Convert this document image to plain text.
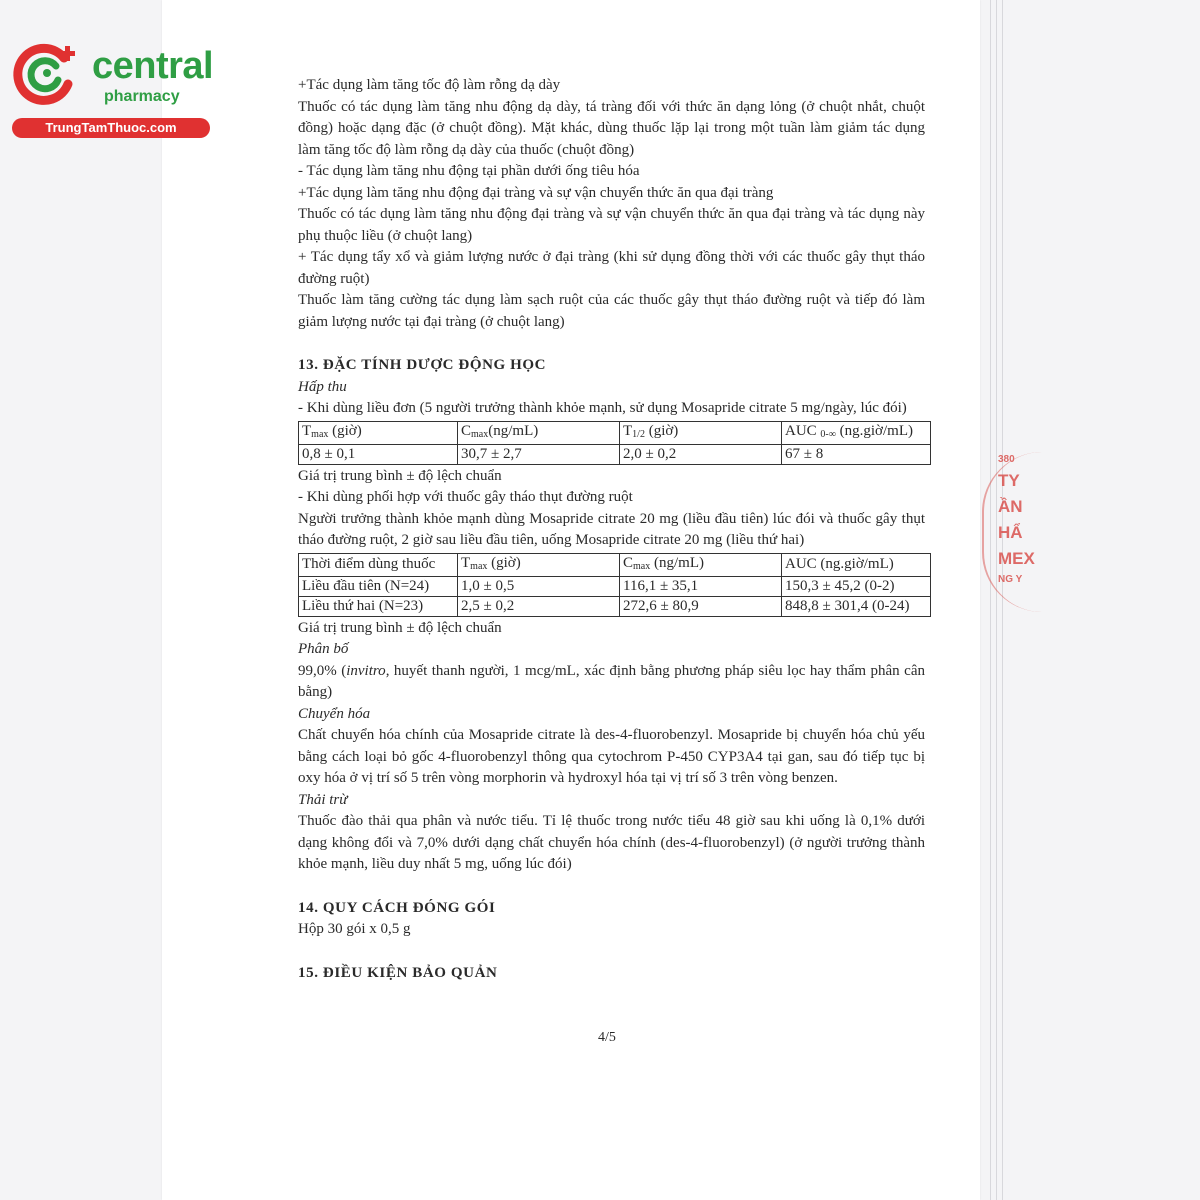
380
TY
ẦN
HẨ
MEX
NG Y
central
pharmacy
TrungTamThuoc.com

+Tác dụng làm tăng tốc độ làm rỗng dạ dày

Thuốc có tác dụng làm tăng nhu động dạ dày, tá tràng đối với thức ăn dạng lỏng (ở chuột nhắt, chuột đồng) hoặc dạng đặc (ở chuột đồng). Mặt khác, dùng thuốc lặp lại trong một tuần làm giảm tác dụng làm tăng tốc độ làm rỗng dạ dày của thuốc (chuột đồng)

- Tác dụng làm tăng nhu động tại phần dưới ống tiêu hóa

+Tác dụng làm tăng nhu động đại tràng và sự vận chuyển thức ăn qua đại tràng

Thuốc có tác dụng làm tăng nhu động đại tràng và sự vận chuyển thức ăn qua đại tràng và tác dụng này phụ thuộc liều (ở chuột lang)

+ Tác dụng tẩy xổ và giảm lượng nước ở đại tràng (khi sử dụng đồng thời với các thuốc gây thụt tháo đường ruột)

Thuốc làm tăng cường tác dụng làm sạch ruột của các thuốc gây thụt tháo đường ruột và tiếp đó làm giảm lượng nước tại đại tràng (ở chuột lang)

13. ĐẶC TÍNH DƯỢC ĐỘNG HỌC

Hấp thu

- Khi dùng liều đơn (5 người trưởng thành khỏe mạnh, sử dụng Mosapride citrate 5 mg/ngày, lúc đói)

$T_{max}$ (giờ)	$C_{max}(ng/mL)$	$T_{1/2}$ (giờ)	AUC $_{0-\infty}$ (ng.giờ/mL)
0,8 ± 0,1	30,7 ± 2,7	2,0 ± 0,2	67 ± 8

Giá trị trung bình ± độ lệch chuẩn

- Khi dùng phối hợp với thuốc gây tháo thụt đường ruột

Người trưởng thành khỏe mạnh dùng Mosapride citrate 20 mg (liều đầu tiên) lúc đói và thuốc gây thụt tháo đường ruột, 2 giờ sau liều đầu tiên, uống Mosapride citrate 20 mg (liều thứ hai)

Thời điểm dùng thuốc	$T_{max}$ (giờ)	$C_{max}$ (ng/mL)	AUC (ng.giờ/mL)
Liều đầu tiên (N=24)	1,0 ± 0,5	116,1 ± 35,1	150,3 ± 45,2 (0-2)
Liều thứ hai (N=23)	2,5 ± 0,2	272,6 ± 80,9	848,8 ± 301,4 (0-24)

Giá trị trung bình ± độ lệch chuẩn

Phân bố

99,0% (invitro, huyết thanh người, 1 mcg/mL, xác định bằng phương pháp siêu lọc hay thẩm phân cân bằng)

Chuyển hóa

Chất chuyển hóa chính của Mosapride citrate là des-4-fluorobenzyl. Mosapride bị chuyển hóa chủ yếu bằng cách loại bỏ gốc 4-fluorobenzyl thông qua cytochrom P-450 CYP3A4 tại gan, sau đó tiếp tục bị oxy hóa ở vị trí số 5 trên vòng morphorin và hydroxyl hóa tại vị trí số 3 trên vòng benzen.

Thải trừ

Thuốc đào thải qua phân và nước tiểu. Tỉ lệ thuốc trong nước tiểu 48 giờ sau khi uống là 0,1% dưới dạng không đổi và 7,0% dưới dạng chất chuyển hóa chính (des-4-fluorobenzyl) (ở người trưởng thành khỏe mạnh, liều duy nhất 5 mg, uống lúc đói)

14. QUY CÁCH ĐÓNG GÓI

Hộp 30 gói x 0,5 g

15. ĐIỀU KIỆN BẢO QUẢN
4/5
